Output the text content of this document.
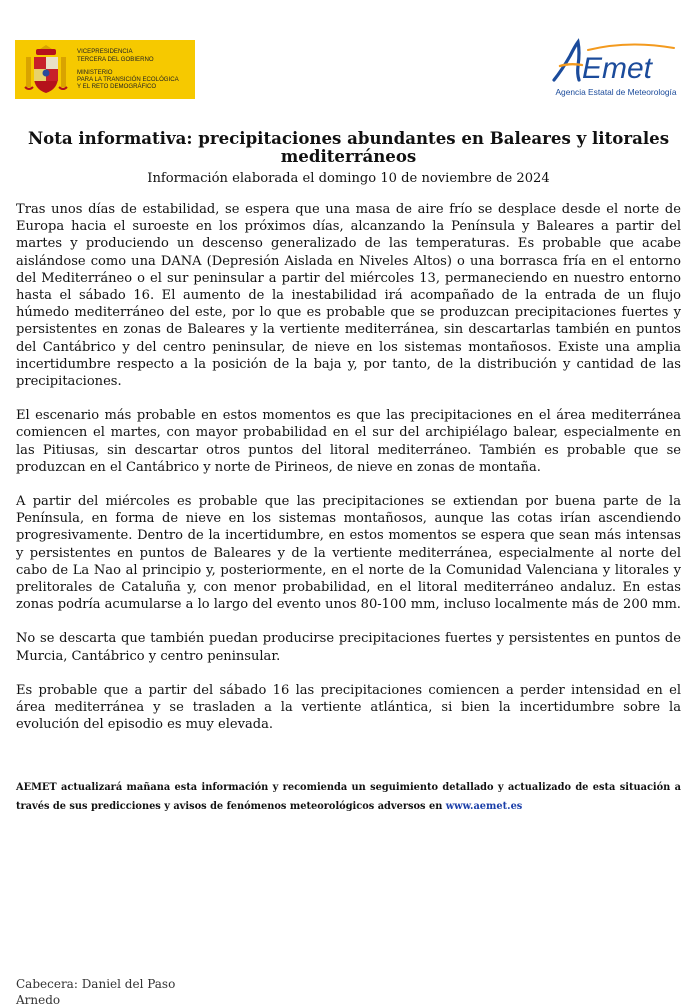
VICEPRESIDENCIA
TERCERA DEL GOBIERNO
MINISTERIO
PARA LA TRANSICIÓN ECOLÓGICA
Y EL RETO DEMOGRÁFICO
Emet
Agencia Estatal de Meteorología
Nota informativa: precipitaciones abundantes en Baleares y litorales mediterráneos
Información elaborada el domingo 10 de noviembre de 2024

Tras unos días de estabilidad, se espera que una masa de aire frío se desplace desde el norte de Europa hacia el suroeste en los próximos días, alcanzando la Península y Baleares a partir del martes y produciendo un descenso generalizado de las temperaturas. Es probable que acabe aislándose como una DANA (Depresión Aislada en Niveles Altos) o una borrasca fría en el entorno del Mediterráneo o el sur peninsular a partir del miércoles 13, permaneciendo en nuestro entorno hasta el sábado 16. El aumento de la inestabilidad irá acompañado de la entrada de un flujo húmedo mediterráneo del este, por lo que es probable que se produzcan precipitaciones fuertes y persistentes en zonas de Baleares y la vertiente mediterránea, sin descartarlas también en puntos del Cantábrico y del centro peninsular, de nieve en los sistemas montañosos. Existe una amplia incertidumbre respecto a la posición de la baja y, por tanto, de la distribución y cantidad de las precipitaciones.

El escenario más probable en estos momentos es que las precipitaciones en el área mediterránea comiencen el martes, con mayor probabilidad en el sur del archipiélago balear, especialmente en las Pitiusas, sin descartar otros puntos del litoral mediterráneo. También es probable que se produzcan en el Cantábrico y norte de Pirineos, de nieve en zonas de montaña.

A partir del miércoles es probable que las precipitaciones se extiendan por buena parte de la Península, en forma de nieve en los sistemas montañosos, aunque las cotas irían ascendiendo progresivamente. Dentro de la incertidumbre, en estos momentos se espera que sean más intensas y persistentes en puntos de Baleares y de la vertiente mediterránea, especialmente al norte del cabo de La Nao al principio y, posteriormente, en el norte de la Comunidad Valenciana y litorales y prelitorales de Cataluña y, con menor probabilidad, en el litoral mediterráneo andaluz. En estas zonas podría acumularse a lo largo del evento unos 80-100 mm, incluso localmente más de 200 mm.

No se descarta que también puedan producirse precipitaciones fuertes y persistentes en puntos de Murcia, Cantábrico y centro peninsular.

Es probable que a partir del sábado 16 las precipitaciones comiencen a perder intensidad en el área mediterránea y se trasladen a la vertiente atlántica, si bien la incertidumbre sobre la evolución del episodio es muy elevada.

AEMET actualizará mañana esta información y recomienda un seguimiento detallado y actualizado de esta situación a través de sus predicciones y avisos de fenómenos meteorológicos adversos en www.aemet.es
Cabecera: Daniel del Paso Arnedo
